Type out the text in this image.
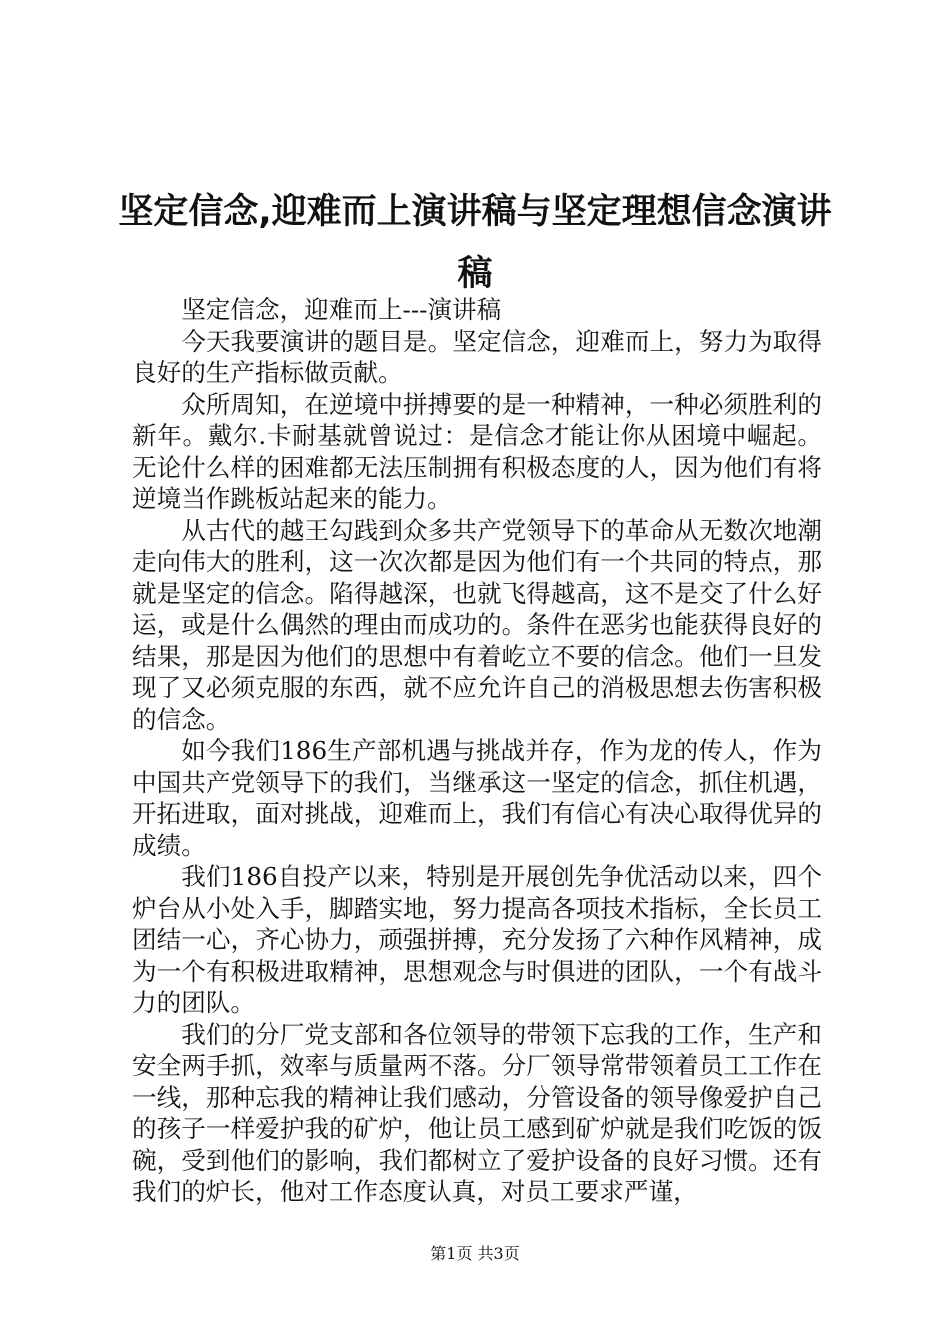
坚定信念,迎难而上演讲稿与坚定理想信念演讲稿

坚定信念，迎难而上---演讲稿

今天我要演讲的题目是。坚定信念，迎难而上，努力为取得良好的生产指标做贡献。

众所周知，在逆境中拼搏要的是一种精神，一种必须胜利的新年。戴尔.卡耐基就曾说过：是信念才能让你从困境中崛起。无论什么样的困难都无法压制拥有积极态度的人，因为他们有将逆境当作跳板站起来的能力。

从古代的越王勾践到众多共产党领导下的革命从无数次地潮走向伟大的胜利，这一次次都是因为他们有一个共同的特点，那就是坚定的信念。陷得越深，也就飞得越高，这不是交了什么好运，或是什么偶然的理由而成功的。条件在恶劣也能获得良好的结果，那是因为他们的思想中有着屹立不要的信念。他们一旦发现了又必须克服的东西，就不应允许自己的消极思想去伤害积极的信念。

如今我们186生产部机遇与挑战并存，作为龙的传人，作为中国共产党领导下的我们，当继承这一坚定的信念，抓住机遇，开拓进取，面对挑战，迎难而上，我们有信心有决心取得优异的成绩。

我们186自投产以来，特别是开展创先争优活动以来，四个炉台从小处入手，脚踏实地，努力提高各项技术指标，全长员工团结一心，齐心协力，顽强拼搏，充分发扬了六种作风精神，成为一个有积极进取精神，思想观念与时俱进的团队，一个有战斗力的团队。

我们的分厂党支部和各位领导的带领下忘我的工作，生产和安全两手抓，效率与质量两不落。分厂领导常带领着员工工作在一线，那种忘我的精神让我们感动，分管设备的领导像爱护自己的孩子一样爱护我的矿炉，他让员工感到矿炉就是我们吃饭的饭碗，受到他们的影响，我们都树立了爱护设备的良好习惯。还有我们的炉长，他对工作态度认真，对员工要求严谨，

第1页 共3页
